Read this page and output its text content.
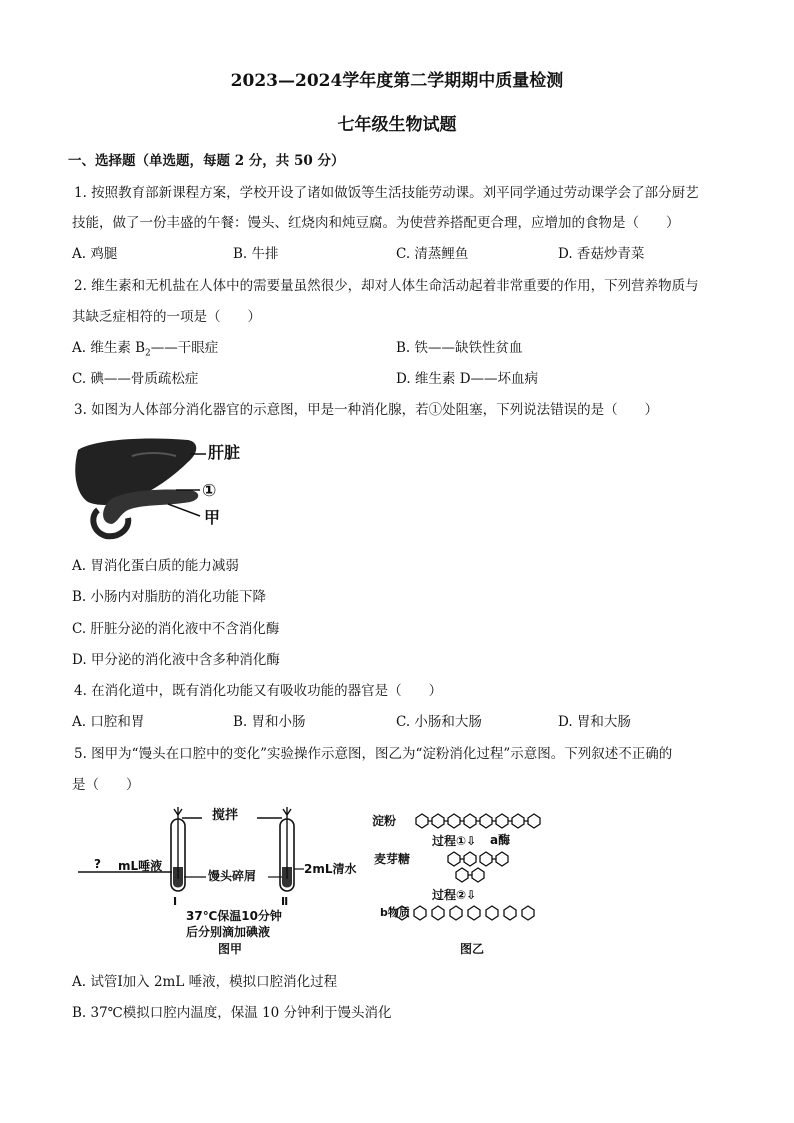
2023—2024学年度第二学期期中质量检测
七年级生物试题
一、选择题（单选题，每题 2 分，共 50 分）
1. 按照教育部新课程方案，学校开设了诸如做饭等生活技能劳动课。刘平同学通过劳动课学会了部分厨艺
技能，做了一份丰盛的午餐：馒头、红烧肉和炖豆腐。为使营养搭配更合理，应增加的食物是（　　）
A. 鸡腿	B. 牛排	C. 清蒸鲤鱼	D. 香菇炒青菜
2. 维生素和无机盐在人体中的需要量虽然很少，却对人体生命活动起着非常重要的作用，下列营养物质与
其缺乏症相符的一项是（　　）
A. 维生素 $B_2——$干眼症	B. 铁——缺铁性贫血
C. 碘——骨质疏松症	D. 维生素 D——坏血病
3. 如图为人体部分消化器官的示意图，甲是一种消化腺，若①处阻塞，下列说法错误的是（　　）
肝脏
①
甲
A. 胃消化蛋白质的能力减弱
B. 小肠内对脂肪的消化功能下降
C. 肝脏分泌的消化液中不含消化酶
D. 甲分泌的消化液中含多种消化酶
4. 在消化道中，既有消化功能又有吸收功能的器官是（　　）
A. 口腔和胃	B. 胃和小肠	C. 小肠和大肠	D. 胃和大肠
5. 图甲为“馒头在口腔中的变化”实验操作示意图，图乙为“淀粉消化过程”示意图。下列叙述不正确的
是（　　）
搅拌
? mL唾液
馒头碎屑	2mL清水
Ⅰ	Ⅱ
37℃保温10分钟
后分别滴加碘液
图甲
淀粉
过程①⇩ a酶
麦芽糖
过程②⇩
b物质
图乙
A. 试管Ⅰ加入 2mL 唾液，模拟口腔消化过程
B. 37℃模拟口腔内温度，保温 10 分钟利于馒头消化
